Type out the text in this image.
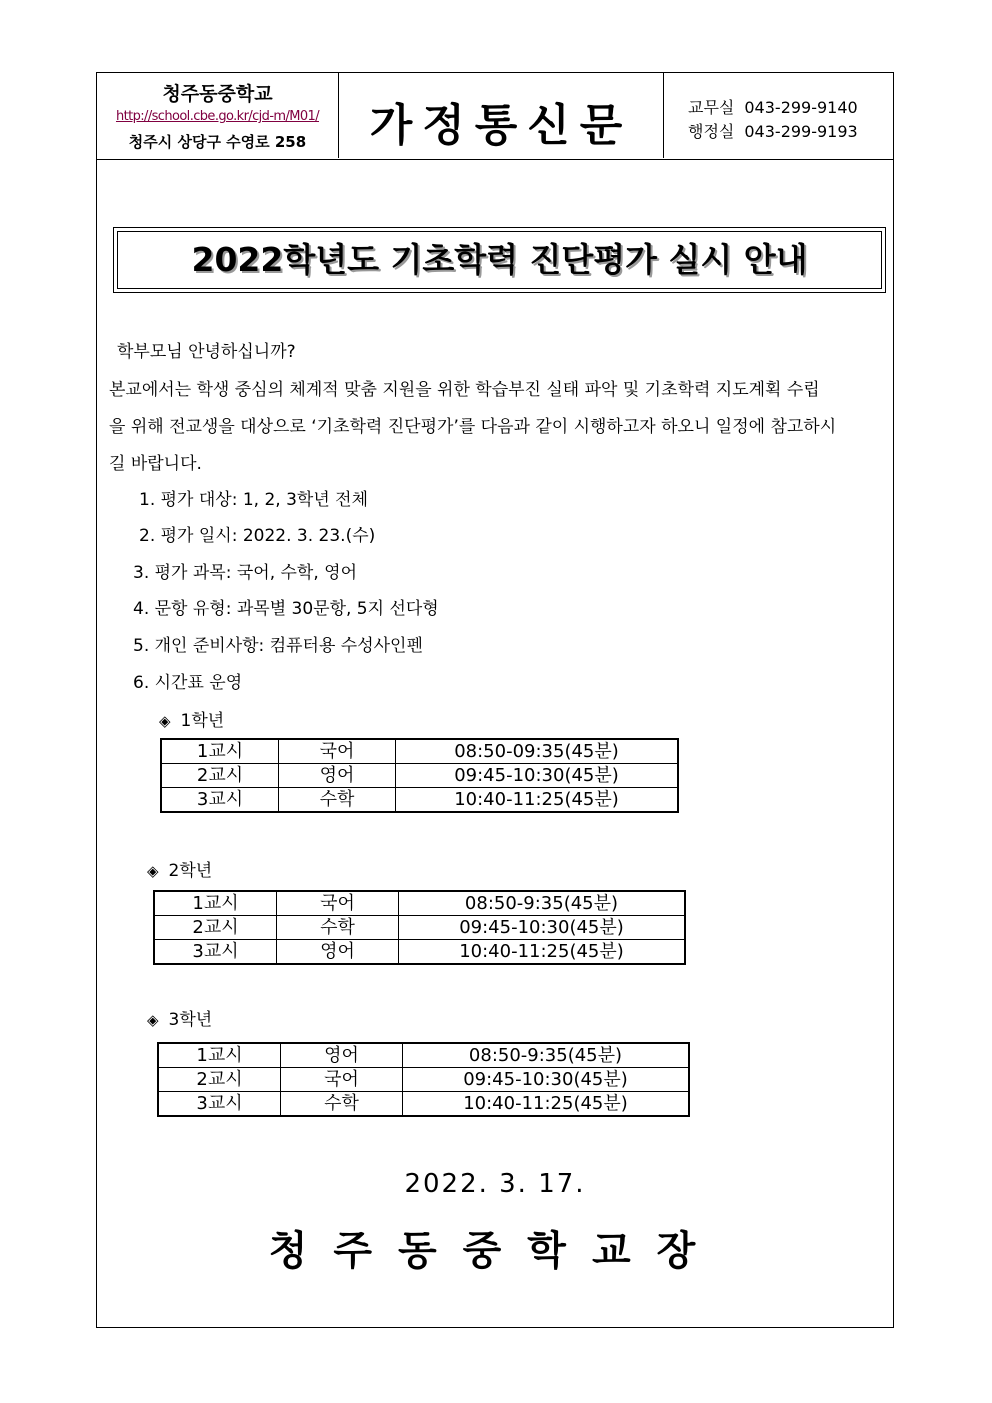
청주동중학교
http://school.cbe.go.kr/cjd-m/M01/
청주시 상당구 수영로 258	가정통신문	교무실 043-299-9140
행정실 043-299-9193
2022학년도 기초학력 진단평가 실시 안내
학부모님 안녕하십니까?
본교에서는 학생 중심의 체계적 맞춤 지원을 위한 학습부진 실태 파악 및 기초학력 지도계획 수립
을 위해 전교생을 대상으로 ‘기초학력 진단평가’를 다음과 같이 시행하고자 하오니 일정에 참고하시
길 바랍니다.
1. 평가 대상: 1, 2, 3학년 전체
2. 평가 일시: 2022. 3. 23.(수)
3. 평가 과목: 국어, 수학, 영어
4. 문항 유형: 과목별 30문항, 5지 선다형
5. 개인 준비사항: 컴퓨터용 수성사인펜
6. 시간표 운영
◈ 1학년
1교시	국어	08:50-09:35(45분)
2교시	영어	09:45-10:30(45분)
3교시	수학	10:40-11:25(45분)
◈ 2학년
1교시	국어	08:50-9:35(45분)
2교시	수학	09:45-10:30(45분)
3교시	영어	10:40-11:25(45분)
◈ 3학년
1교시	영어	08:50-9:35(45분)
2교시	국어	09:45-10:30(45분)
3교시	수학	10:40-11:25(45분)
2022. 3. 17.
청주동중학교장
